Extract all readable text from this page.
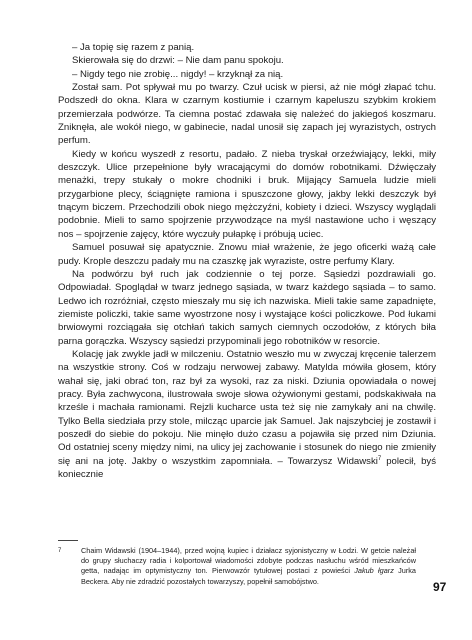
– Ja topię się razem z panią.

Skierowała się do drzwi: – Nie dam panu spokoju.

– Nigdy tego nie zrobię... nigdy! – krzyknął za nią.

Został sam. Pot spływał mu po twarzy. Czuł ucisk w piersi, aż nie mógł złapać tchu. Podszedł do okna. Klara w czarnym kostiumie i czarnym kapeluszu szybkim krokiem przemierzała podwórze. Ta ciemna postać zdawała się należeć do jakiegoś koszmaru. Zniknęła, ale wokół niego, w gabinecie, nadal unosił się zapach jej wyrazistych, ostrych perfum.

Kiedy w końcu wyszedł z resortu, padało. Z nieba tryskał orzeźwiający, lekki, miły deszczyk. Ulice przepełnione były wracającymi do domów robotnikami. Dźwięczały menażki, trepy stukały o mokre chodniki i bruk. Mijający Samuela ludzie mieli przygarbione plecy, ściągnięte ramiona i spuszczone głowy, jakby lekki deszczyk był tnącym biczem. Przechodzili obok niego mężczyźni, kobiety i dzieci. Wszyscy wyglądali podobnie. Mieli to samo spojrzenie przywodzące na myśl nastawione ucho i węszący nos – spojrzenie zajęcy, które wyczuły pułapkę i próbują uciec.

Samuel posuwał się apatycznie. Znowu miał wrażenie, że jego oficerki ważą całe pudy. Krople deszczu padały mu na czaszkę jak wyraziste, ostre perfumy Klary.

Na podwórzu był ruch jak codziennie o tej porze. Sąsiedzi pozdrawiali go. Odpowiadał. Spoglądał w twarz jednego sąsiada, w twarz każdego sąsiada – to samo. Ledwo ich rozróżniał, często mieszały mu się ich nazwiska. Mieli takie same zapadnięte, ziemiste policzki, takie same wyostrzone nosy i wystające kości policzkowe. Pod łukami brwiowymi rozciągała się otchłań takich samych ciemnych oczodołów, z których biła parna gorączka. Wszyscy sąsiedzi przypominali jego robotników w resorcie.

Kolację jak zwykle jadł w milczeniu. Ostatnio weszło mu w zwyczaj kręcenie talerzem na wszystkie strony. Coś w rodzaju nerwowej zabawy. Matylda mówiła głosem, który wahał się, jaki obrać ton, raz był za wysoki, raz za niski. Dziunia opowiadała o nowej pracy. Była zachwycona, ilustrowała swoje słowa ożywionymi gestami, podskakiwała na krześle i machała ramionami. Rejzli kucharce usta też się nie zamykały ani na chwilę. Tylko Bella siedziała przy stole, milcząc uparcie jak Samuel. Jak najszybciej je zostawił i poszedł do siebie do pokoju. Nie minęło dużo czasu a pojawiła się przed nim Dziunia. Od ostatniej sceny między nimi, na ulicy jej zachowanie i stosunek do niego nie zmieniły się ani na jotę. Jakby o wszystkim zapomniała. – Towarzysz Widawski$^7$ polecił, byś koniecznie

7	Chaim Widawski (1904–1944), przed wojną kupiec i działacz syjonistyczny w Łodzi. W getcie należał do grupy słuchaczy radia i kolportował wiadomości zdobyte podczas nasłuchu wśród mieszkańców getta, nadając im optymistyczny ton. Pierwowzór tytułowej postaci z powieści Jakub łgarz Jurka Beckera. Aby nie zdradzić pozostałych towarzyszy, popełnił samobójstwo.	97
